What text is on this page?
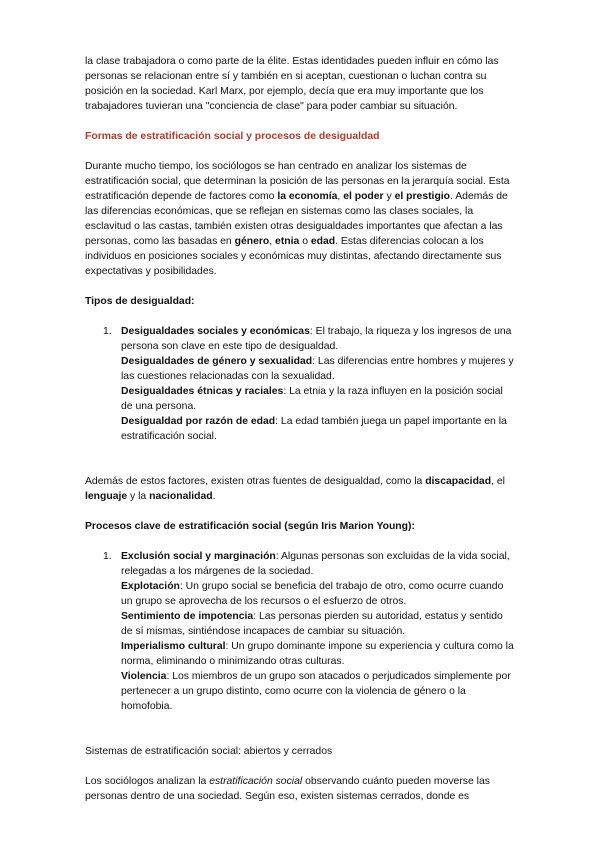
la clase trabajadora o como parte de la élite. Estas identidades pueden influir en cómo las personas se relacionan entre sí y también en si aceptan, cuestionan o luchan contra su posición en la sociedad. Karl Marx, por ejemplo, decía que era muy importante que los trabajadores tuvieran una "conciencia de clase" para poder cambiar su situación.

Formas de estratificación social y procesos de desigualdad

Durante mucho tiempo, los sociólogos se han centrado en analizar los sistemas de estratificación social, que determinan la posición de las personas en la jerarquía social. Esta estratificación depende de factores como la economía, el poder y el prestigio. Además de las diferencias económicas, que se reflejan en sistemas como las clases sociales, la esclavitud o las castas, también existen otras desigualdades importantes que afectan a las personas, como las basadas en género, etnia o edad. Estas diferencias colocan a los individuos en posiciones sociales y económicas muy distintas, afectando directamente sus expectativas y posibilidades.

Tipos de desigualdad:

1. Desigualdades sociales y económicas: El trabajo, la riqueza y los ingresos de una persona son clave en este tipo de desigualdad.

Desigualdades de género y sexualidad: Las diferencias entre hombres y mujeres y las cuestiones relacionadas con la sexualidad.

Desigualdades étnicas y raciales: La etnia y la raza influyen en la posición social de una persona.

Desigualdad por razón de edad: La edad también juega un papel importante en la estratificación social.

Además de estos factores, existen otras fuentes de desigualdad, como la discapacidad, el lenguaje y la nacionalidad.

Procesos clave de estratificación social (según Iris Marion Young):

1. Exclusión social y marginación: Algunas personas son excluidas de la vida social, relegadas a los márgenes de la sociedad.

Explotación: Un grupo social se beneficia del trabajo de otro, como ocurre cuando un grupo se aprovecha de los recursos o el esfuerzo de otros.

Sentimiento de impotencia: Las personas pierden su autoridad, estatus y sentido de sí mismas, sintiéndose incapaces de cambiar su situación.

Imperialismo cultural: Un grupo dominante impone su experiencia y cultura como la norma, eliminando o minimizando otras culturas.

Violencia: Los miembros de un grupo son atacados o perjudicados simplemente por pertenecer a un grupo distinto, como ocurre con la violencia de género o la homofobia.

Sistemas de estratificación social: abiertos y cerrados

Los sociólogos analizan la estratificación social observando cuánto pueden moverse las personas dentro de una sociedad. Según eso, existen sistemas cerrados, donde es
